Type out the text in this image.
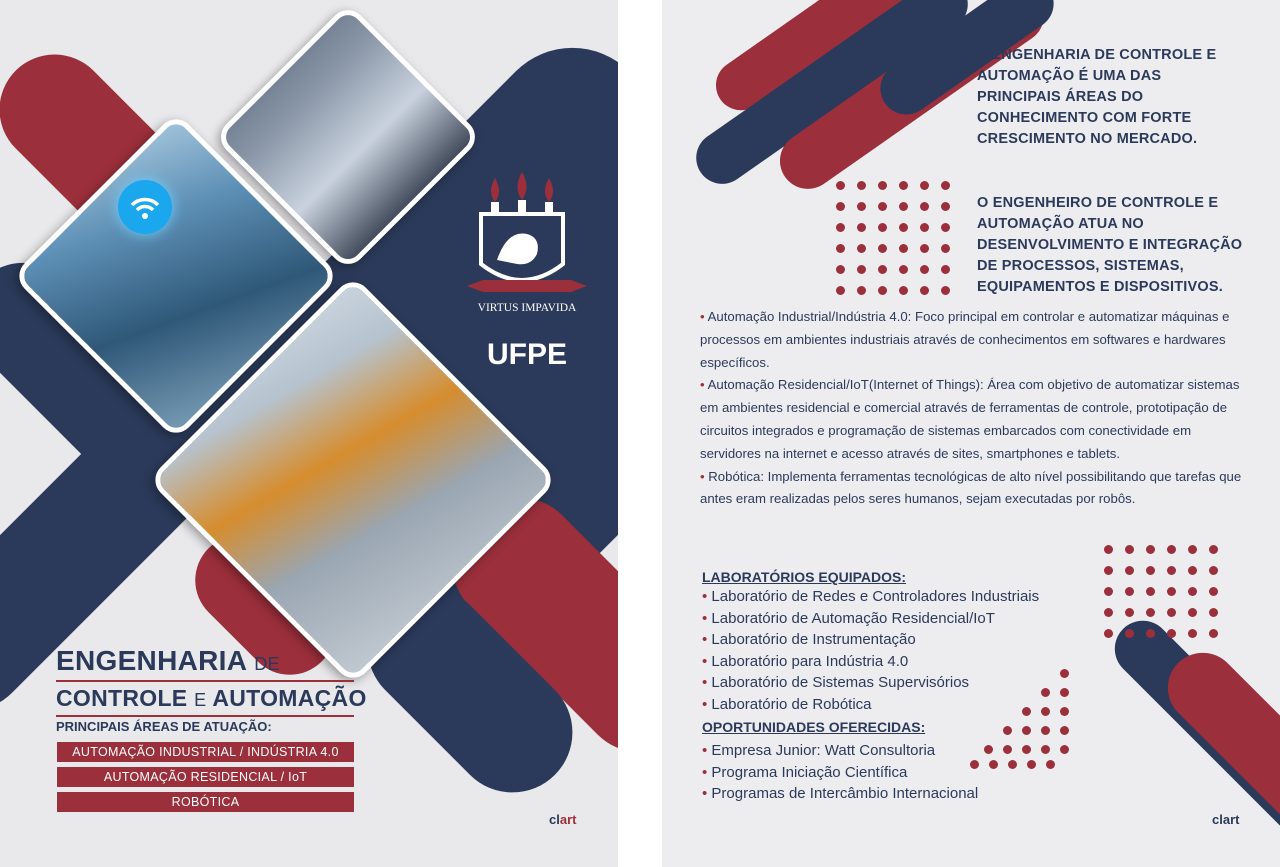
VIRTUS IMPAVIDA
UFPE
ENGENHARIA DE
CONTROLE E AUTOMAÇÃO
PRINCIPAIS ÁREAS DE ATUAÇÃO:
AUTOMAÇÃO INDUSTRIAL / INDÚSTRIA 4.0
AUTOMAÇÃO RESIDENCIAL / IoT
ROBÓTICA
clart
A ENGENHARIA DE CONTROLE E AUTOMAÇÃO É UMA DAS PRINCIPAIS ÁREAS DO CONHECIMENTO COM FORTE CRESCIMENTO NO MERCADO.
O ENGENHEIRO DE CONTROLE E AUTOMAÇÃO ATUA NO DESENVOLVIMENTO E INTEGRAÇÃO DE PROCESSOS, SISTEMAS, EQUIPAMENTOS E DISPOSITIVOS.

• Automação Industrial/Indústria 4.0: Foco principal em controlar e automatizar máquinas e processos em ambientes industriais através de conhecimentos em softwares e hardwares específicos.

• Automação Residencial/IoT(Internet of Things): Área com objetivo de automatizar sistemas em ambientes residencial e comercial através de ferramentas de controle, prototipação de circuitos integrados e programação de sistemas embarcados com conectividade em servidores na internet e acesso através de sites, smartphones e tablets.

• Robótica: Implementa ferramentas tecnológicas de alto nível possibilitando que tarefas que antes eram realizadas pelos seres humanos, sejam executadas por robôs.

LABORATÓRIOS EQUIPADOS:
• Laboratório de Redes e Controladores Industriais
• Laboratório de Automação Residencial/IoT
• Laboratório de Instrumentação
• Laboratório para Indústria 4.0
• Laboratório de Sistemas Supervisórios
• Laboratório de Robótica
OPORTUNIDADES OFERECIDAS:
• Empresa Junior: Watt Consultoria
• Programa Iniciação Científica
• Programas de Intercâmbio Internacional
clart
